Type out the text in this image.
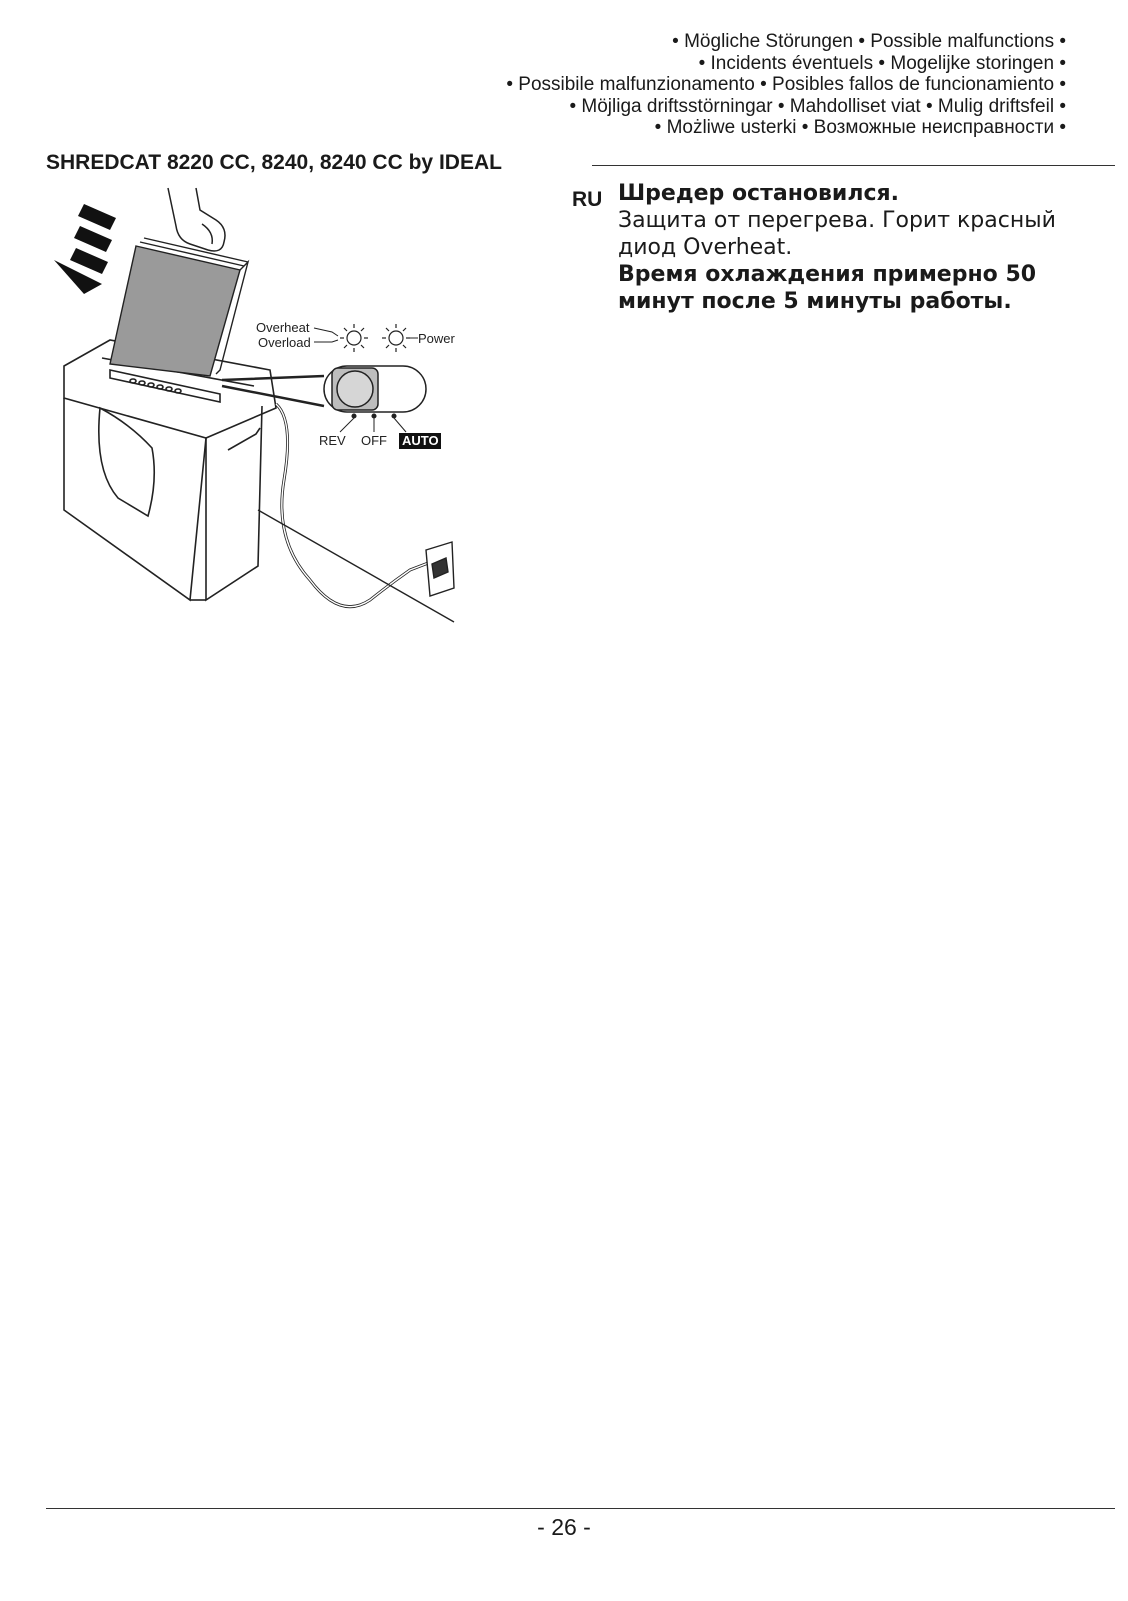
• Mögliche Störungen • Possible malfunctions •
• Incidents éventuels • Mogelijke storingen •
• Possibile malfunzionamento • Posibles fallos de funcionamiento •
• Möjliga driftsstörningar • Mahdolliset viat • Mulig driftsfeil •
• Możliwe usterki • Возможные неисправности •
SHREDCAT 8220 CC, 8240, 8240 CC by IDEAL
Overheat
Overload	Power
REV OFF AUTO
RU Шредер остановился.
Защита от перегрева. Горит красный диод Overheat.
Время охлаждения примерно 50 минут после 5 минуты работы.
- 26 -
